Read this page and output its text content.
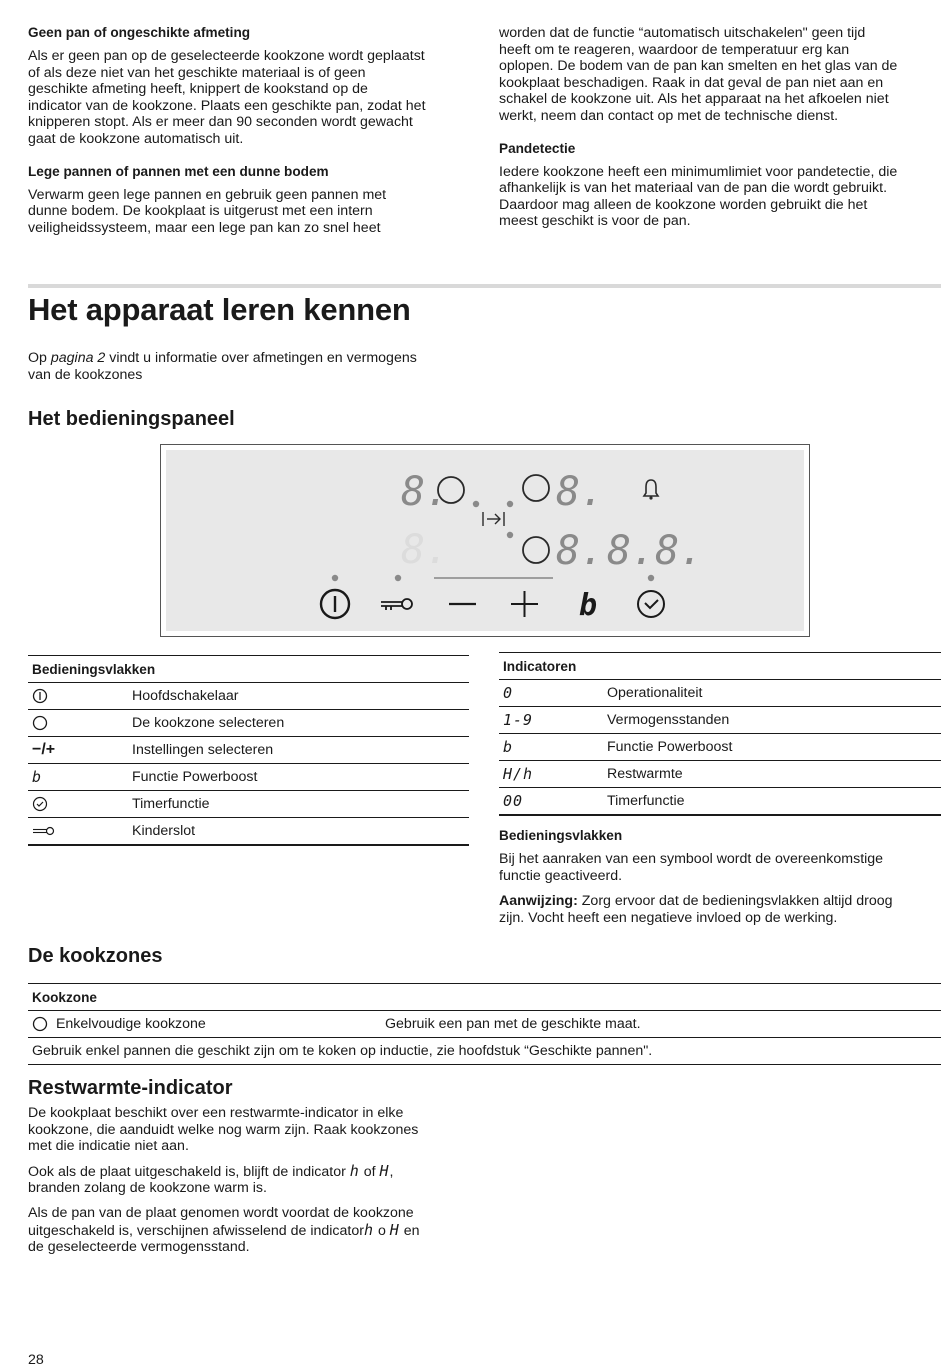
Geen pan of ongeschikte afmeting

Als er geen pan op de geselecteerde kookzone wordt geplaatst

of als deze niet van het geschikte materiaal is of geen

geschikte afmeting heeft, knippert de kookstand op de

indicator van de kookzone. Plaats een geschikte pan, zodat het

knipperen stopt. Als er meer dan 90 seconden wordt gewacht

gaat de kookzone automatisch uit.

Lege pannen of pannen met een dunne bodem

Verwarm geen lege pannen en gebruik geen pannen met

dunne bodem. De kookplaat is uitgerust met een intern

veiligheidssysteem, maar een lege pan kan zo snel heet

worden dat de functie “automatisch uitschakelen" geen tijd

heeft om te reageren, waardoor de temperatuur erg kan

oplopen. De bodem van de pan kan smelten en het glas van de

kookplaat beschadigen. Raak in dat geval de pan niet aan en

schakel de kookzone uit. Als het apparaat na het afkoelen niet

werkt, neem dan contact op met de technische dienst.

Pandetectie

Iedere kookzone heeft een minimumlimiet voor pandetectie, die

afhankelijk is van het materiaal van de pan die wordt gebruikt.

Daardoor mag alleen de kookzone worden gebruikt die het

meest geschikt is voor de pan.

Het apparaat leren kennen

Op pagina 2 vindt u informatie over afmetingen en vermogens

van de kookzones

Het bedieningspaneel
8.	8.
8.	8. 8.8.
b
Bedieningsvlakken	
	Hoofdschakelaar
	De kookzone selecteren
−/+	Instellingen selecteren
b	Functie Powerboost
	Timerfunctie
	Kinderslot
Indicatoren	
0	Operationaliteit
1-9	Vermogensstanden
b	Functie Powerboost
H/h	Restwarmte
00	Timerfunctie

Bedieningsvlakken

Bij het aanraken van een symbool wordt de overeenkomstige

functie geactiveerd.

Aanwijzing: Zorg ervoor dat de bedieningsvlakken altijd droog

zijn. Vocht heeft een negatieve invloed op de werking.

De kookzones
Kookzone
Enkelvoudige kookzone	Gebruik een pan met de geschikte maat.
Gebruik enkel pannen die geschikt zijn om te koken op inductie, zie hoofdstuk “Geschikte pannen".
Restwarmte-indicator

De kookplaat beschikt over een restwarmte-indicator in elke

kookzone, die aanduidt welke nog warm zijn. Raak kookzones

met die indicatie niet aan.

Ook als de plaat uitgeschakeld is, blijft de indicator h of H,

branden zolang de kookzone warm is.

Als de pan van de plaat genomen wordt voordat de kookzone

uitgeschakeld is, verschijnen afwisselend de indicatorh o H en

de geselecteerde vermogensstand.

28
